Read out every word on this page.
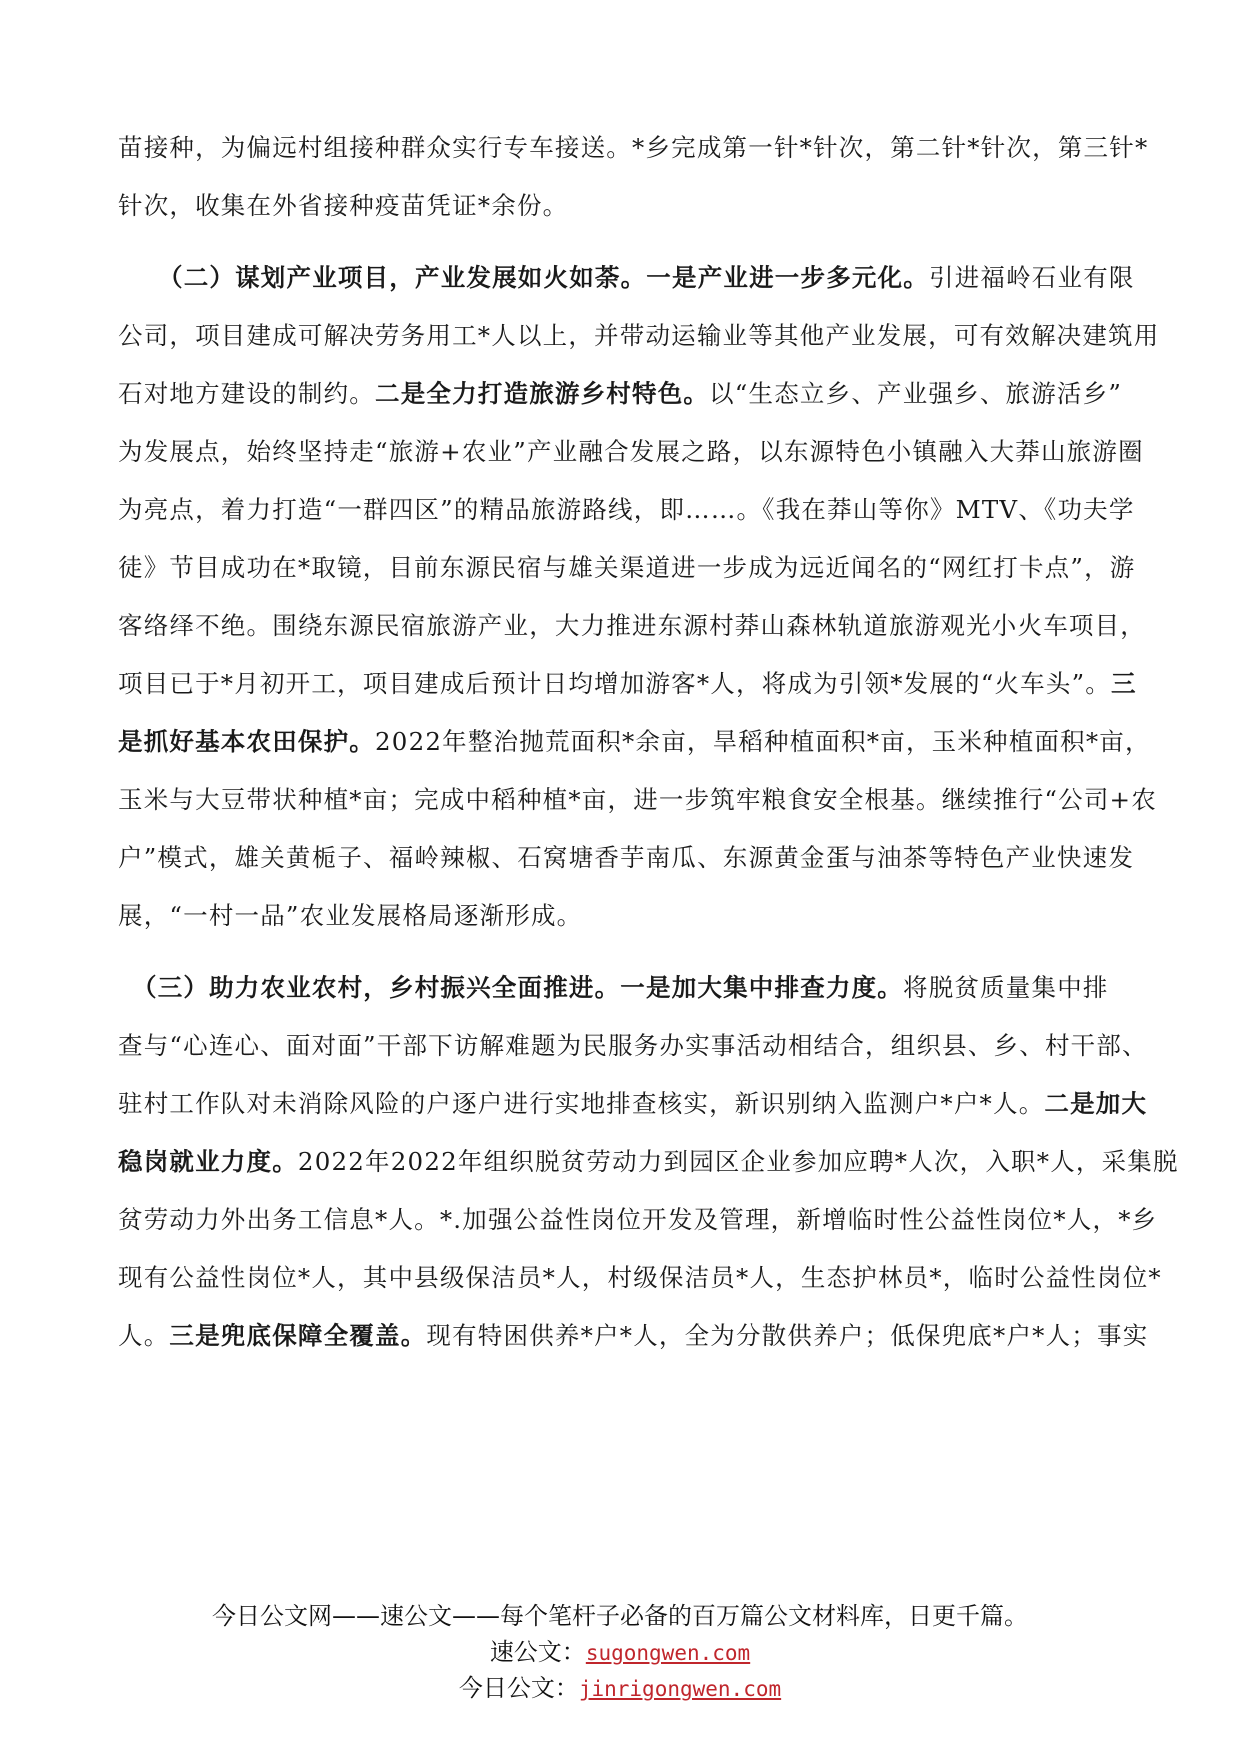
苗接种，为偏远村组接种群众实行专车接送。*乡完成第一针*针次，第二针*针次，第三针*
针次，收集在外省接种疫苗凭证*余份。
（二）谋划产业项目，产业发展如火如荼。一是产业进一步多元化。引进福岭石业有限
公司，项目建成可解决劳务用工*人以上，并带动运输业等其他产业发展，可有效解决建筑用
石对地方建设的制约。二是全力打造旅游乡村特色。以“生态立乡、产业强乡、旅游活乡”
为发展点，始终坚持走“旅游+农业”产业融合发展之路，以东源特色小镇融入大莽山旅游圈
为亮点，着力打造“一群四区”的精品旅游路线，即……。《我在莽山等你》MTV、《功夫学
徒》节目成功在*取镜，目前东源民宿与雄关渠道进一步成为远近闻名的“网红打卡点”，游
客络绎不绝。围绕东源民宿旅游产业，大力推进东源村莽山森林轨道旅游观光小火车项目，
项目已于*月初开工，项目建成后预计日均增加游客*人，将成为引领*发展的“火车头”。三
是抓好基本农田保护。2022年整治抛荒面积*余亩，旱稻种植面积*亩，玉米种植面积*亩，
玉米与大豆带状种植*亩；完成中稻种植*亩，进一步筑牢粮食安全根基。继续推行“公司+农
户”模式，雄关黄栀子、福岭辣椒、石窝塘香芋南瓜、东源黄金蛋与油茶等特色产业快速发
展，“一村一品”农业发展格局逐渐形成。
（三）助力农业农村，乡村振兴全面推进。一是加大集中排查力度。将脱贫质量集中排
查与“心连心、面对面”干部下访解难题为民服务办实事活动相结合，组织县、乡、村干部、
驻村工作队对未消除风险的户逐户进行实地排查核实，新识别纳入监测户*户*人。二是加大
稳岗就业力度。2022年2022年组织脱贫劳动力到园区企业参加应聘*人次，入职*人，采集脱
贫劳动力外出务工信息*人。*.加强公益性岗位开发及管理，新增临时性公益性岗位*人，*乡
现有公益性岗位*人，其中县级保洁员*人，村级保洁员*人，生态护林员*，临时公益性岗位*
人。三是兜底保障全覆盖。现有特困供养*户*人，全为分散供养户；低保兜底*户*人；事实
今日公文网——速公文——每个笔杆子必备的百万篇公文材料库，日更千篇。
速公文：sugongwen.com
今日公文：jinrigongwen.com
